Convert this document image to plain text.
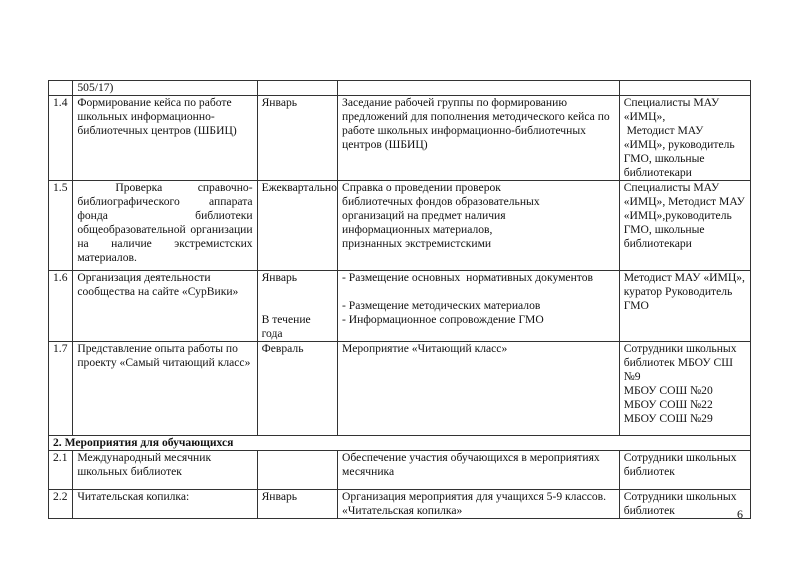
	505/17)			
1.4	Формирование кейса по работе школьных информационно-библиотечных центров (ШБИЦ)	Январь	Заседание рабочей группы по формированию предложений для пополнения методического кейса по работе школьных информационно-библиотечных центров (ШБИЦ)	Специалисты МАУ «ИМЦ»,
Методист МАУ «ИМЦ», руководитель ГМО, школьные библиотекари

1.5	Проверка справочно-библиографического аппарата фонда библиотеки общеобразовательной организации на наличие экстремистских материалов.	Ежеквартально	Справка о проведении проверок
библиотечных фондов образовательных
организаций на предмет наличия
информационных материалов,
признанных экстремистскими	Специалисты МАУ «ИМЦ», Методист МАУ «ИМЦ»,руководитель ГМО, школьные библиотекари

1.6	Организация деятельности сообщества на сайте «СурВики»	Январь
В течение года	- Размещение основных  нормативных документов
- Размещение методических материалов
- Информационное сопровождение ГМО	Методист МАУ «ИМЦ», куратор Руководитель ГМО

1.7	Представление опыта работы по проекту «Самый читающий класс»	Февраль	Мероприятие «Читающий класс»	Сотрудники школьных библиотек МБОУ СШ №9
МБОУ СОШ №20
МБОУ СОШ №22
МБОУ СОШ №29

2. Мероприятия для обучающихся				
2.1	Международный месячник школьных библиотек		Обеспечение участия обучающихся в мероприятиях месячника	Сотрудники школьных библиотек
2.2	Читательская копилка:	Январь	Организация мероприятия для учащихся 5-9 классов. «Читательская копилка»	Сотрудники школьных библиотек	6
